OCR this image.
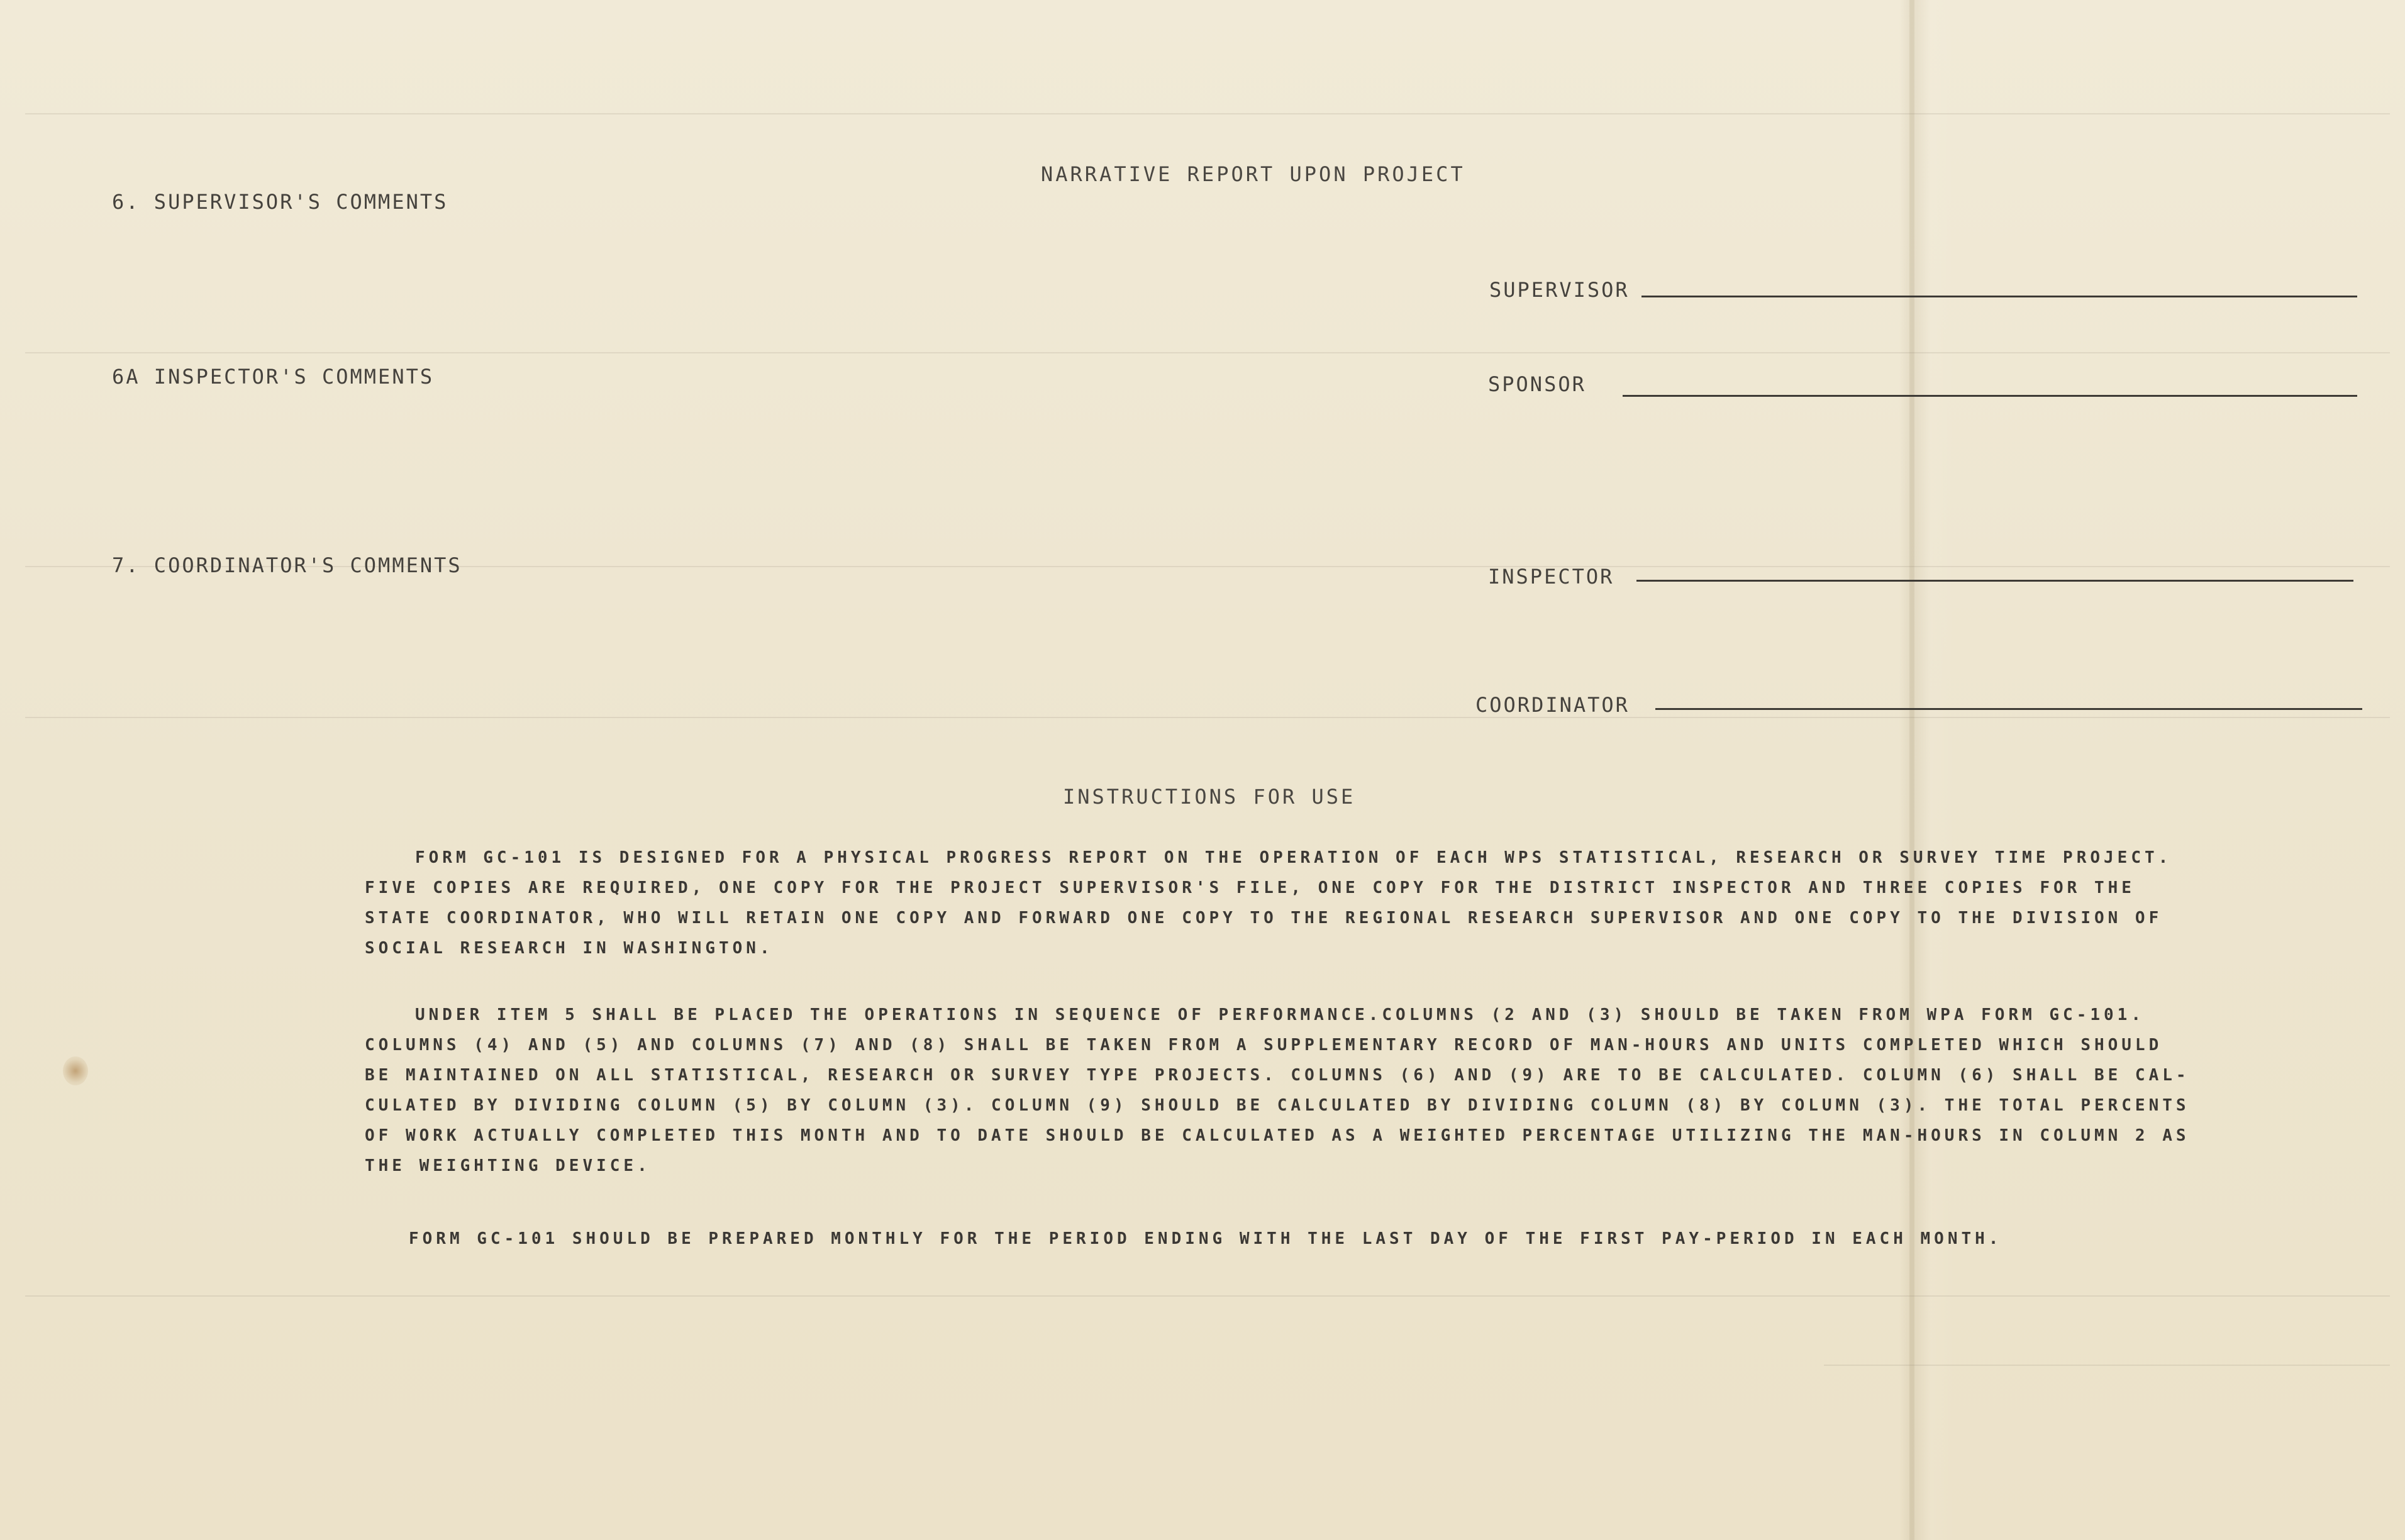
NARRATIVE REPORT UPON PROJECT
6. SUPERVISOR'S COMMENTS
6A INSPECTOR'S COMMENTS
7. COORDINATOR'S COMMENTS
SUPERVISOR
SPONSOR
INSPECTOR
COORDINATOR
INSTRUCTIONS FOR USE
FORM GC-101 IS DESIGNED FOR A PHYSICAL PROGRESS REPORT ON THE OPERATION OF EACH WPS STATISTICAL, RESEARCH OR SURVEY TIME PROJECT.
FIVE COPIES ARE REQUIRED, ONE COPY FOR THE PROJECT SUPERVISOR'S FILE, ONE COPY FOR THE DISTRICT INSPECTOR AND THREE COPIES FOR THE
STATE COORDINATOR, WHO WILL RETAIN ONE COPY AND FORWARD ONE COPY TO THE REGIONAL RESEARCH SUPERVISOR AND ONE COPY TO THE DIVISION OF
SOCIAL RESEARCH IN WASHINGTON.
UNDER ITEM 5 SHALL BE PLACED THE OPERATIONS IN SEQUENCE OF PERFORMANCE.COLUMNS (2 AND (3) SHOULD BE TAKEN FROM WPA FORM GC-101.
COLUMNS (4) AND (5) AND COLUMNS (7) AND (8) SHALL BE TAKEN FROM A SUPPLEMENTARY RECORD OF MAN-HOURS AND UNITS COMPLETED WHICH SHOULD
BE MAINTAINED ON ALL STATISTICAL, RESEARCH OR SURVEY TYPE PROJECTS. COLUMNS (6) AND (9) ARE TO BE CALCULATED. COLUMN (6) SHALL BE CAL-
CULATED BY DIVIDING COLUMN (5) BY COLUMN (3). COLUMN (9) SHOULD BE CALCULATED BY DIVIDING COLUMN (8) BY COLUMN (3). THE TOTAL PERCENTS
OF WORK ACTUALLY COMPLETED THIS MONTH AND TO DATE SHOULD BE CALCULATED AS A WEIGHTED PERCENTAGE UTILIZING THE MAN-HOURS IN COLUMN 2 AS
THE WEIGHTING DEVICE.
FORM GC-101 SHOULD BE PREPARED MONTHLY FOR THE PERIOD ENDING WITH THE LAST DAY OF THE FIRST PAY-PERIOD IN EACH MONTH.
